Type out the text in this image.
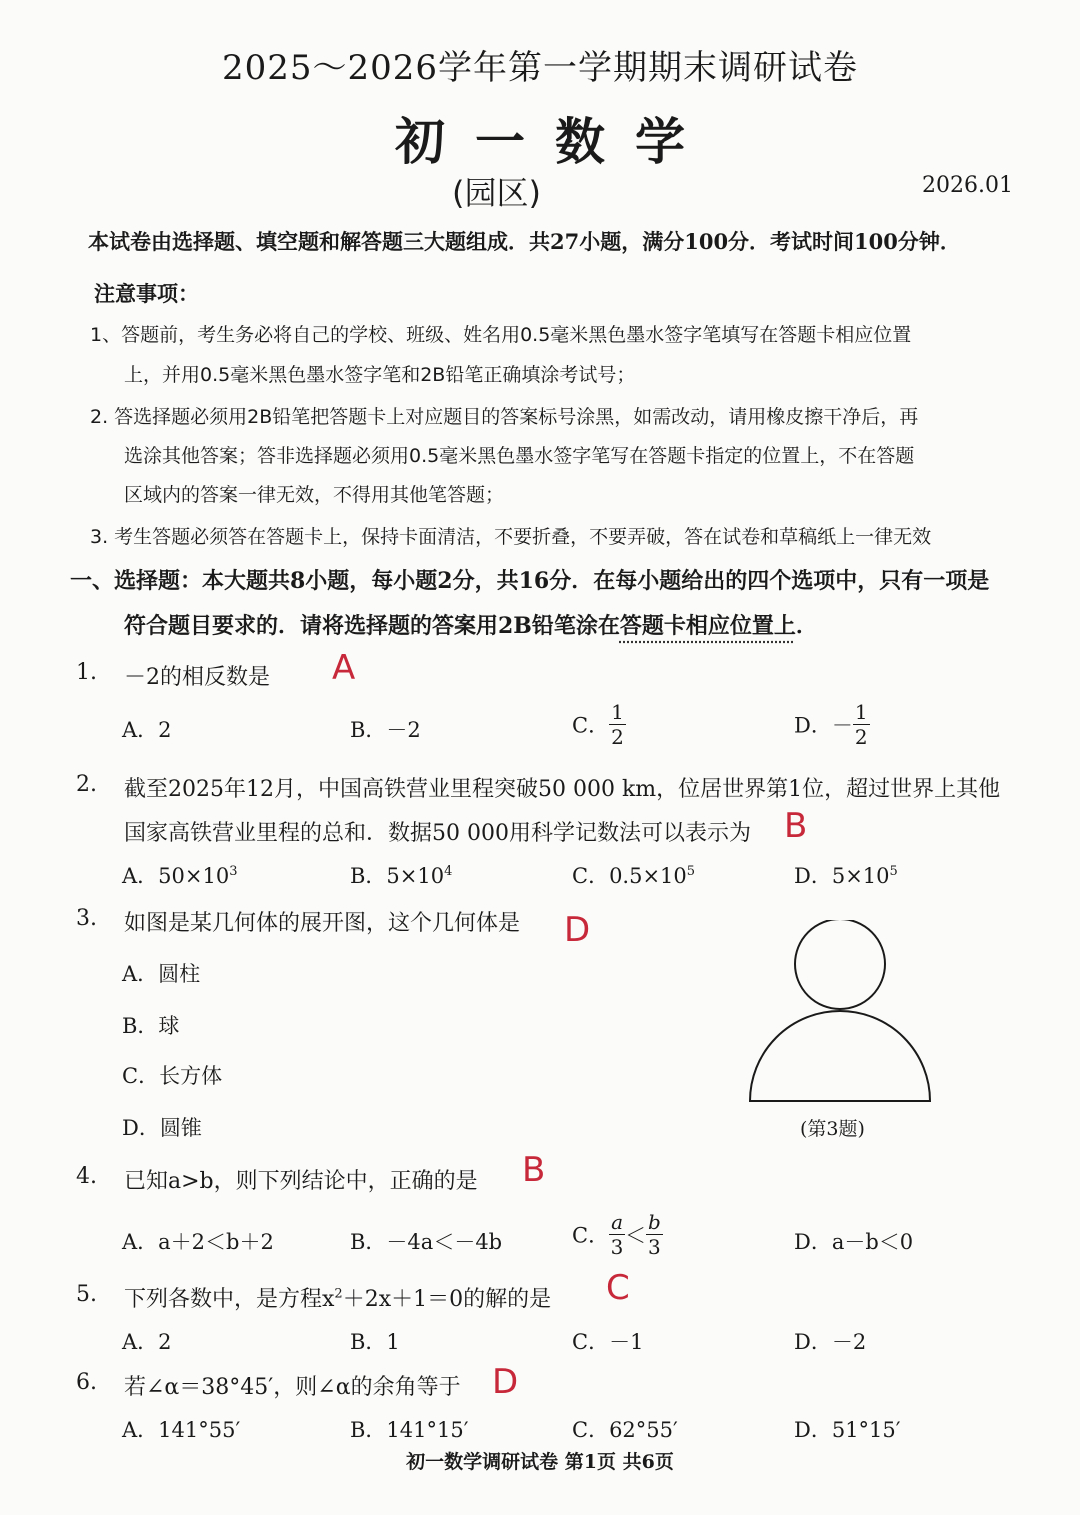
2025～2026学年第一学期期末调研试卷
初一数学
(园区)	2026.01
本试卷由选择题、填空题和解答题三大题组成．共27小题，满分100分．考试时间100分钟．
注意事项：
1、答题前，考生务必将自己的学校、班级、姓名用0.5毫米黑色墨水签字笔填写在答题卡相应位置
上，并用0.5毫米黑色墨水签字笔和2B铅笔正确填涂考试号；
2. 答选择题必须用2B铅笔把答题卡上对应题目的答案标号涂黑，如需改动，请用橡皮擦干净后，再
选涂其他答案；答非选择题必须用0.5毫米黑色墨水签字笔写在答题卡指定的位置上，不在答题
区域内的答案一律无效，不得用其他笔答题；
3. 考生答题必须答在答题卡上，保持卡面清洁，不要折叠，不要弄破，答在试卷和草稿纸上一律无效
一、选择题：本大题共8小题，每小题2分，共16分．在每小题给出的四个选项中，只有一项是
符合题目要求的．请将选择题的答案用2B铅笔涂在答题卡相应位置上．
1. －2的相反数是 A
A．2	B．－2	C． $\frac{1}{2}$	D．－ $\frac{1}{2}$
2. 截至2025年12月，中国高铁营业里程突破50 000 km，位居世界第1位，超过世界上其他
国家高铁营业里程的总和．数据50 000用科学记数法可以表示为 B
A．$50\times 10^3$	B．$5\times 10^4$	C．$0.5\times 10^5$	D．$5\times 10^5$
3. 如图是某几何体的展开图，这个几何体是 D
A．圆柱
B．球
C．长方体
D．圆锥	(第3题)
4. 已知a>b，则下列结论中，正确的是 B
A．a＋2＜b＋2	B．－4a＜－4b	C． $\frac{a}{3} < \frac{b}{3}$	D．a－b＜0
5. 下列各数中，是方程$x^2+2x+1=0$的解的是 C
A．2	B．1	C．－1	D．－2
6. 若∠α＝38°45′，则∠α的余角等于 D
A．141°55′	B．141°15′	C．62°55′	D．51°15′
初一数学调研试卷 第1页 共6页
